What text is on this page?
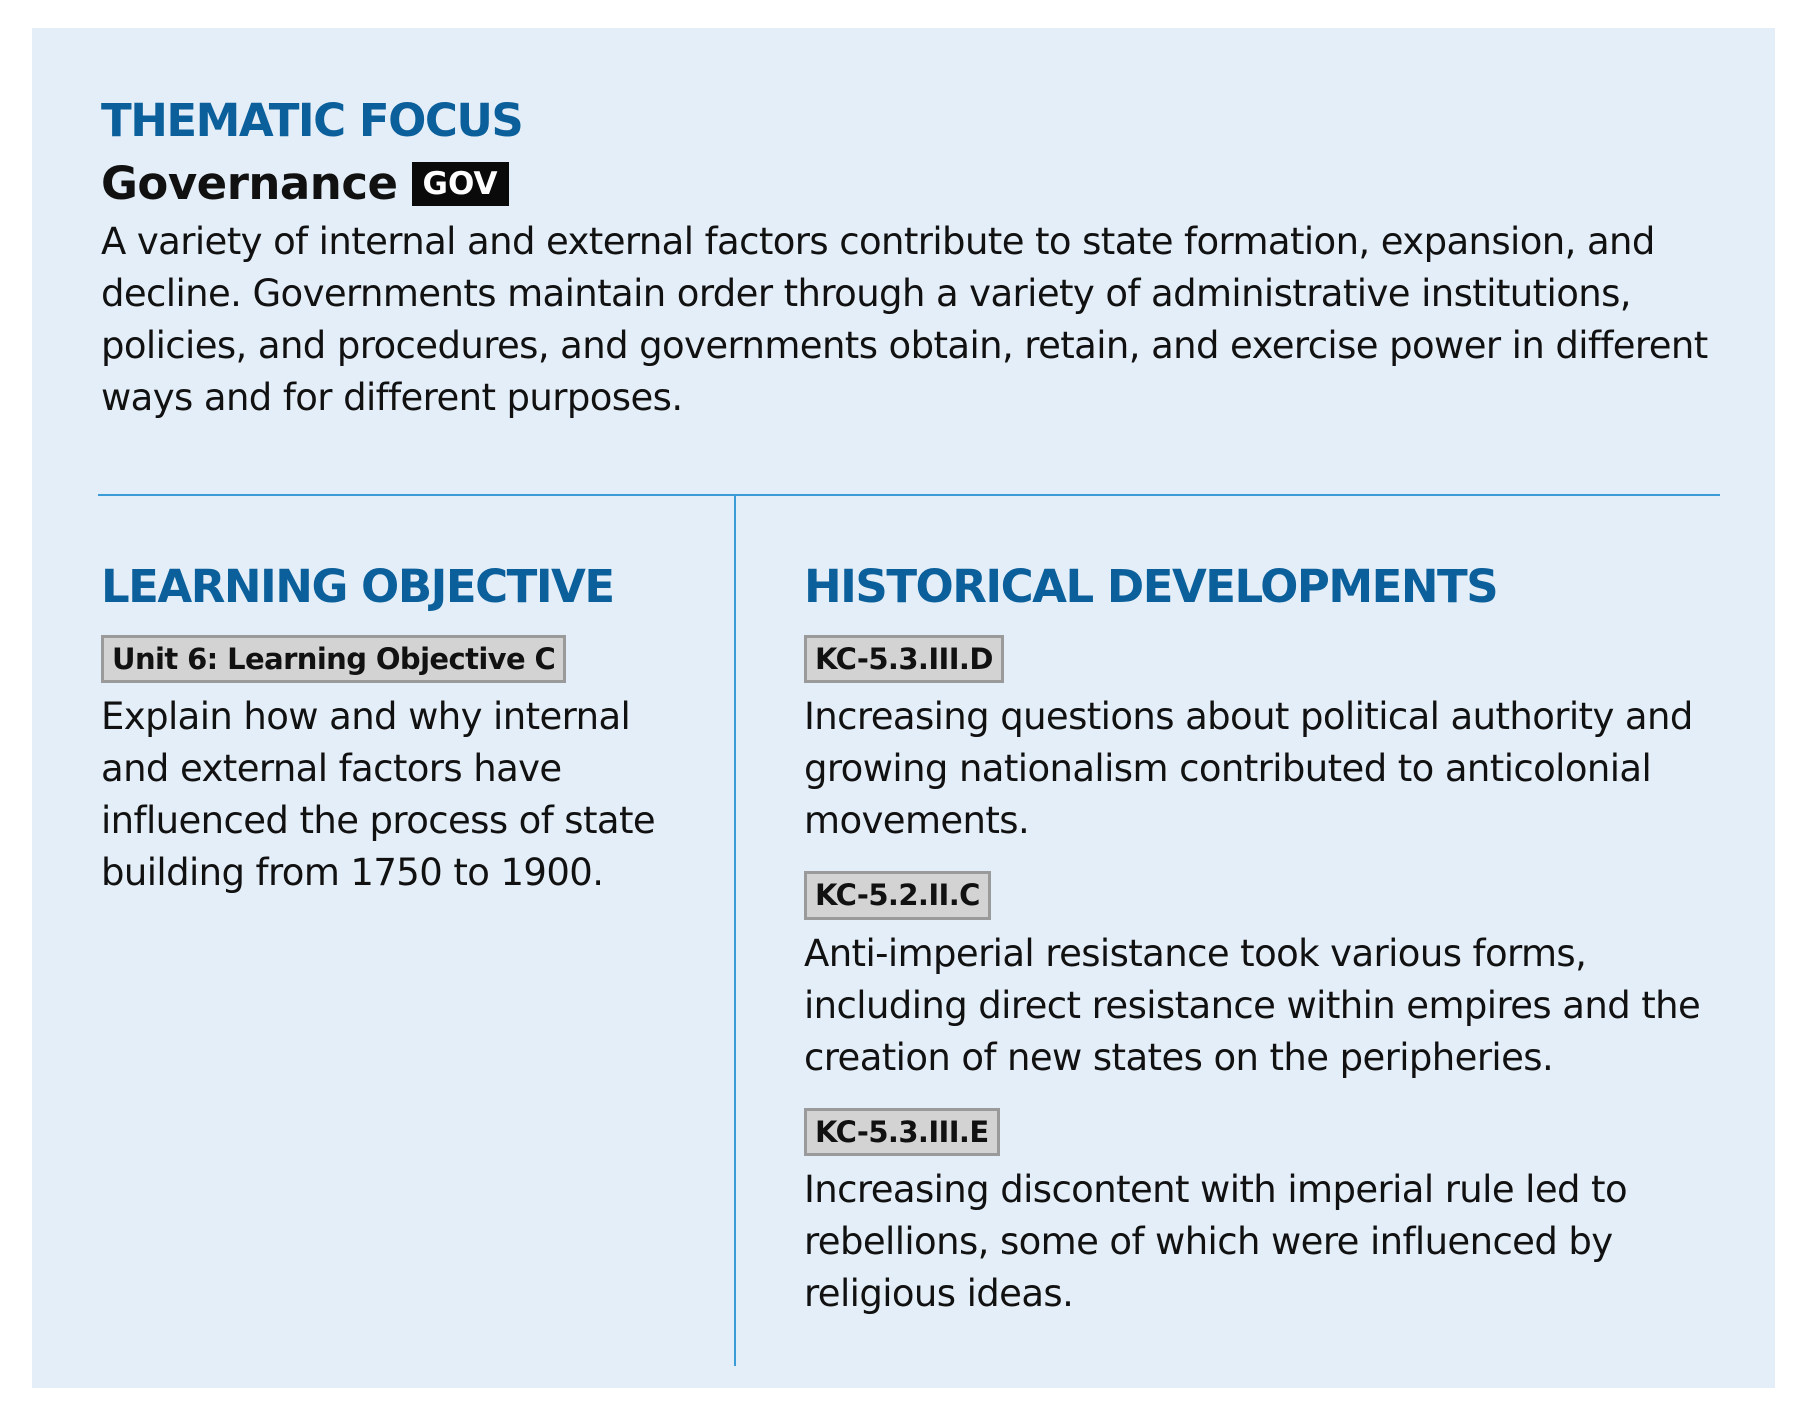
THEMATIC FOCUS
Governance GOV

A variety of internal and external factors contribute to state formation, expansion, and decline. Governments maintain order through a variety of administrative institutions, policies, and procedures, and governments obtain, retain, and exercise power in different ways and for different purposes.

LEARNING OBJECTIVE
Unit 6: Learning Objective C

Explain how and why internal and external factors have influenced the process of state building from 1750 to 1900.

HISTORICAL DEVELOPMENTS
KC-5.3.III.D

Increasing questions about political authority and growing nationalism contributed to anticolonial movements.

KC-5.2.II.C

Anti-imperial resistance took various forms, including direct resistance within empires and the creation of new states on the peripheries.

KC-5.3.III.E

Increasing discontent with imperial rule led to rebellions, some of which were influenced by religious ideas.
